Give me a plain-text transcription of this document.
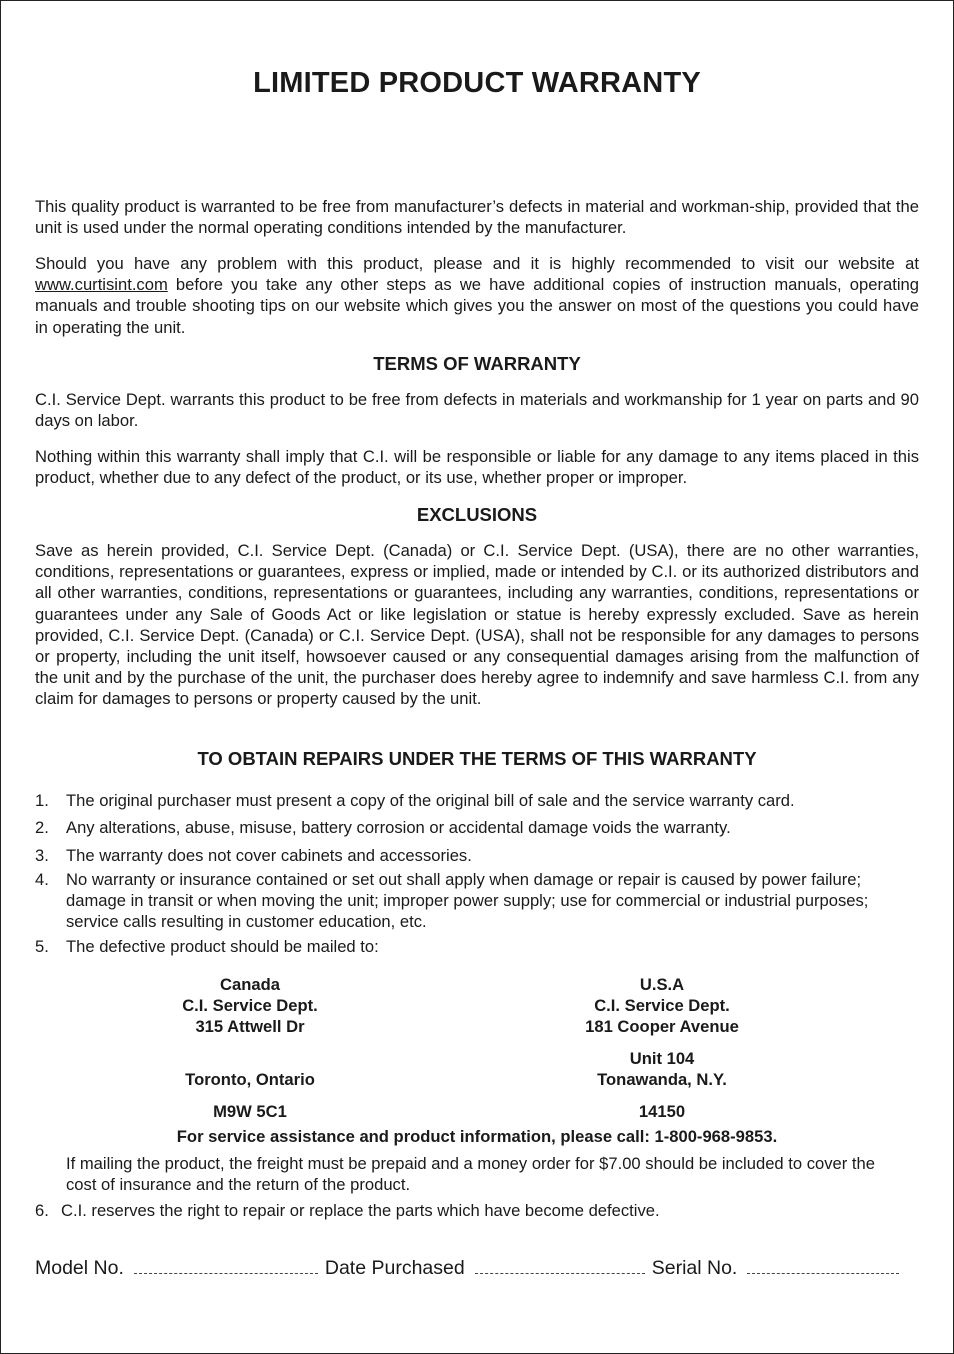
LIMITED PRODUCT WARRANTY

This quality product is warranted to be free from manufacturer’s defects in material and workman-ship, provided that the unit is used under the normal operating conditions intended by the manufacturer.

Should you have any problem with this product, please and it is highly recommended to visit our website at www.curtisint.com before you take any other steps as we have additional copies of instruction manuals, operating manuals and trouble shooting tips on our website which gives you the answer on most of the questions you could have in operating the unit.

TERMS OF WARRANTY

C.I. Service Dept. warrants this product to be free from defects in materials and workmanship for 1 year on parts and 90 days on labor.

Nothing within this warranty shall imply that C.I. will be responsible or liable for any damage to any items placed in this product, whether due to any defect of the product, or its use, whether proper or improper.

EXCLUSIONS

Save as herein provided, C.I. Service Dept. (Canada) or C.I. Service Dept. (USA), there are no other warranties, conditions, representations or guarantees, express or implied, made or intended by C.I. or its authorized distributors and all other warranties, conditions, representations or guarantees, including any warranties, conditions, representations or guarantees under any Sale of Goods Act or like legislation or statue is hereby expressly excluded. Save as herein provided, C.I. Service Dept. (Canada) or C.I. Service Dept. (USA), shall not be responsible for any damages to persons or property, including the unit itself, howsoever caused or any consequential damages arising from the malfunction of the unit and by the purchase of the unit, the purchaser does hereby agree to indemnify and save harmless C.I. from any claim for damages to persons or property caused by the unit.

TO OBTAIN REPAIRS UNDER THE TERMS OF THIS WARRANTY
1. The original purchaser must present a copy of the original bill of sale and the service warranty card.
2. Any alterations, abuse, misuse, battery corrosion or accidental damage voids the warranty.
3. The warranty does not cover cabinets and accessories.
4. No warranty or insurance contained or set out shall apply when damage or repair is caused by power failure; damage in transit or when moving the unit; improper power supply; use for commercial or industrial purposes; service calls resulting in customer education, etc.
5. The defective product should be mailed to:
Canada
C.I. Service Dept.
315 Attwell Dr
Toronto, Ontario
M9W 5C1
U.S.A
C.I. Service Dept.
181 Cooper Avenue
Unit 104
Tonawanda, N.Y.
14150
For service assistance and product information, please call: 1-800-968-9853.
If mailing the product, the freight must be prepaid and a money order for $7.00 should be included to cover the cost of insurance and the return of the product.
6. C.I. reserves the right to repair or replace the parts which have become defective.
Model No.	Date Purchased	Serial No.
